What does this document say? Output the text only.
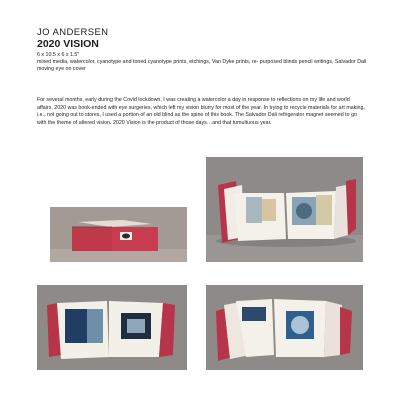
JO ANDERSEN
2020 VISION
6 x 10.5 x 6 x 1.5"
mixed media, watercolor, cyanotype and toned cyanotype prints, etchings, Van Dyke prints, re- purposed blinds pencil writings, Salvador Dali moving eye on cover

For several months, early during the Covid lockdown, I was creating a watercolor a day in response to reflections on my life and world affairs. 2020 was book-ended with eye surgeries, which left my vision blurry for most of the year. In trying to recycle materials for art making, i.e., not going out to stores, I used a portion of an old blind as the spine of this book. The Salvador Dali refrigerator magnet seemed to go with the theme of altered vision. 2020 Vision is the product of those days…and that tumultuous year.
